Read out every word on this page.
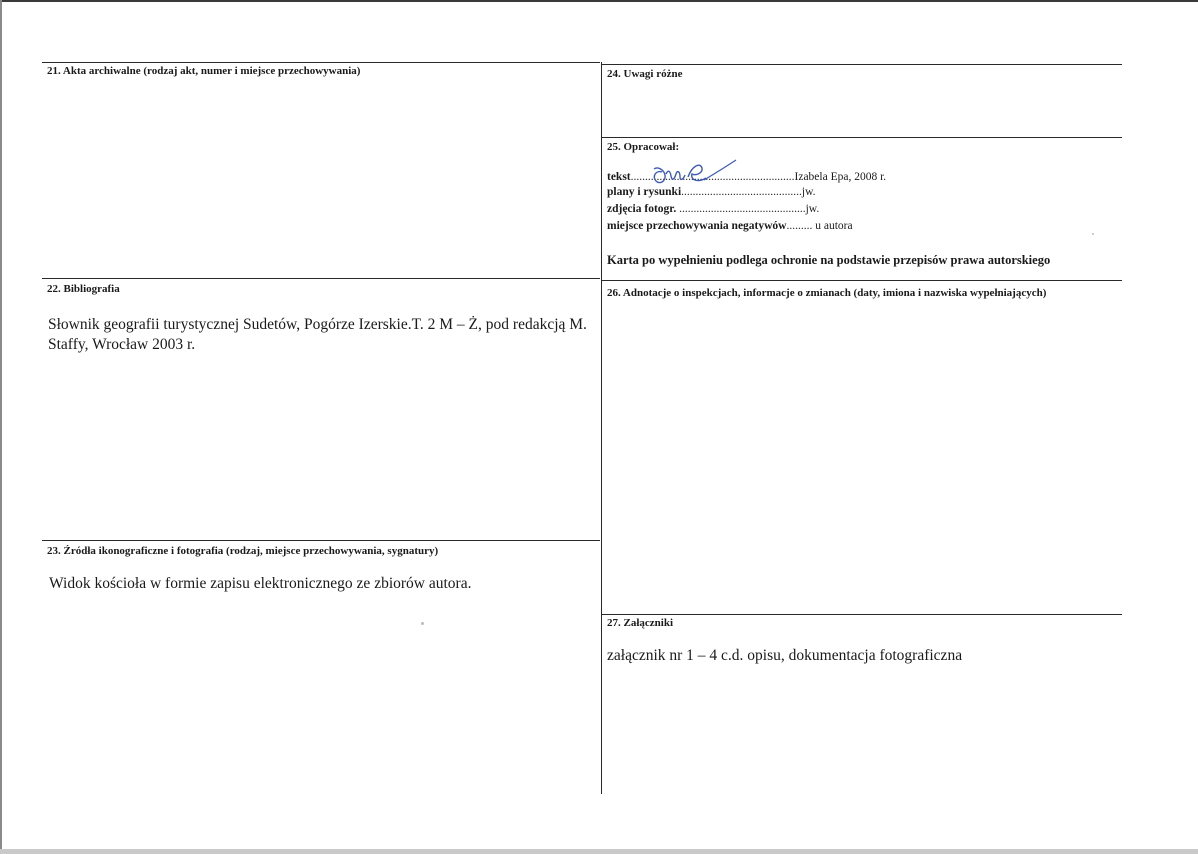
21. Akta archiwalne (rodzaj akt, numer i miejsce przechowywania)	24. Uwagi różne
25. Opracował:
tekst.........................................................Izabela Epa, 2008 r.
plany i rysunki..........................................jw.
zdjęcia fotogr. ............................................jw.
miejsce przechowywania negatywów......... u autora
Karta po wypełnieniu podlega ochronie na podstawie przepisów prawa autorskiego
22. Bibliografia
Słownik geografii turystycznej Sudetów, Pogórze Izerskie.T. 2 M – Ż, pod redakcją M. Staffy, Wrocław 2003 r.
26. Adnotacje o inspekcjach, informacje o zmianach (daty, imiona i nazwiska wypełniających)
23. Źródła ikonograficzne i fotografia (rodzaj, miejsce przechowywania, sygnatury)
Widok kościoła w formie zapisu elektronicznego ze zbiorów autora.
27. Załączniki
załącznik nr 1 – 4 c.d. opisu, dokumentacja fotograficzna
